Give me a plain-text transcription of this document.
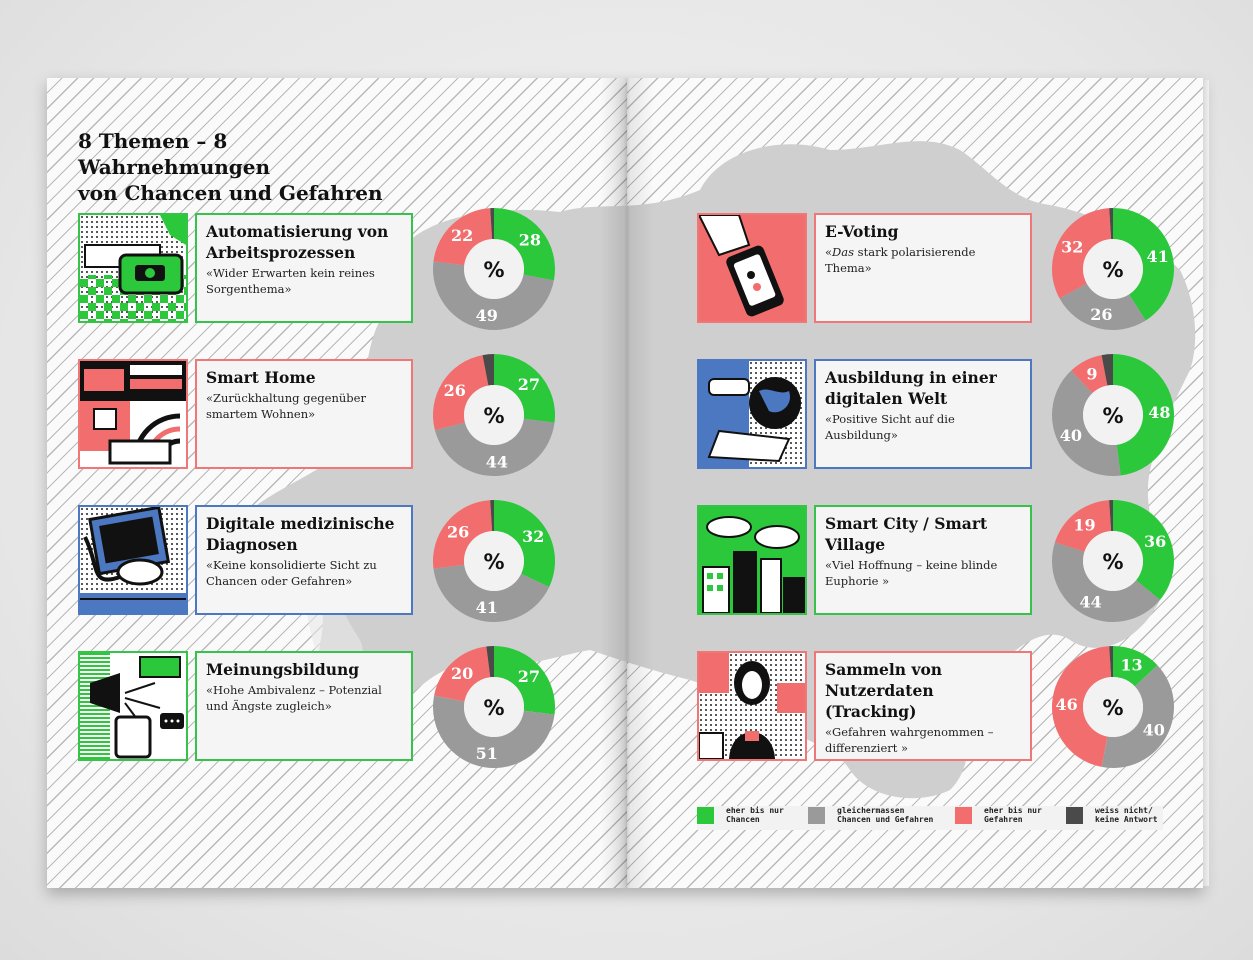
8 Themen – 8 Wahrnehmungen
von Chancen und Gefahren
Automatisierung von Arbeitsprozessen
«Wider Erwarten kein reines Sorgenthema»
Smart Home
«Zurückhaltung gegenüber smartem Wohnen»
Digitale medizinische Diagnosen
«Keine konsolidierte Sicht zu Chancen oder Gefahren»
Meinungsbildung
«Hohe Ambivalenz – Potenzial und Ängste zugleich»
E-Voting
«Das stark polarisierende Thema»
Ausbildung in einer digitalen Welt
«Positive Sicht auf die Ausbildung»
Smart City / Smart Village
«Viel Hoffnung – keine blinde Euphorie »
Sammeln von Nutzerdaten (Tracking)
«Gefahren wahrgenommen – differenziert »
28
49
22
%
27
44
26
%
32
41
26
%
27
51
20
%
41
26
32
%
48
40
9
%
36
44
19
%
13
40
46 %
eher bis nur
Chancen
gleichermassen
Chancen und Gefahren
eher bis nur
Gefahren
weiss nicht/
keine Antwort
